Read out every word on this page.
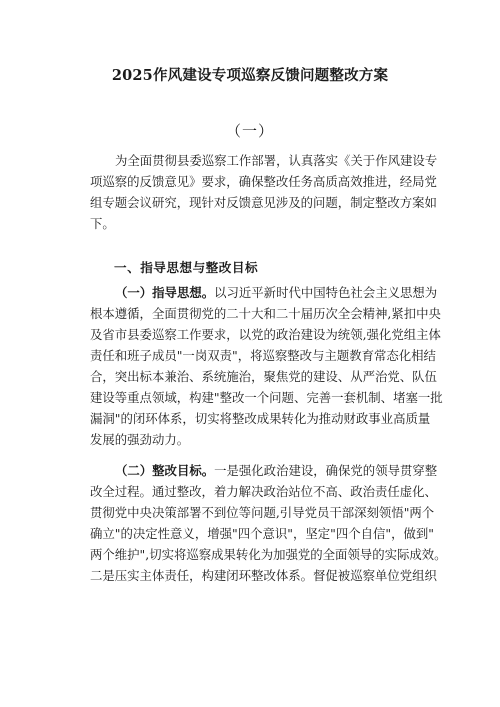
2025作风建设专项巡察反馈问题整改方案
（一）
为全面贯彻县委巡察工作部署，认真落实《关于作风建设专
项巡察的反馈意见》要求，确保整改任务高质高效推进，经局党
组专题会议研究，现针对反馈意见涉及的问题，制定整改方案如
下。
一、指导思想与整改目标
（一）指导思想。以习近平新时代中国特色社会主义思想为
根本遵循，全面贯彻党的二十大和二十届历次全会精神,紧扣中央
及省市县委巡察工作要求，以党的政治建设为统领,强化党组主体
责任和班子成员"一岗双责"，将巡察整改与主题教育常态化相结
合，突出标本兼治、系统施治，聚焦党的建设、从严治党、队伍
建设等重点领域，构建"整改一个问题、完善一套机制、堵塞一批
漏洞"的闭环体系，切实将整改成果转化为推动财政事业高质量
发展的强劲动力。
（二）整改目标。一是强化政治建设，确保党的领导贯穿整
改全过程。通过整改，着力解决政治站位不高、政治责任虚化、
贯彻党中央决策部署不到位等问题,引导党员干部深刻领悟"两个
确立"的决定性意义，增强"四个意识"，坚定"四个自信"，做到"
两个维护",切实将巡察成果转化为加强党的全面领导的实际成效。
二是压实主体责任，构建闭环整改体系。督促被巡察单位党组织
